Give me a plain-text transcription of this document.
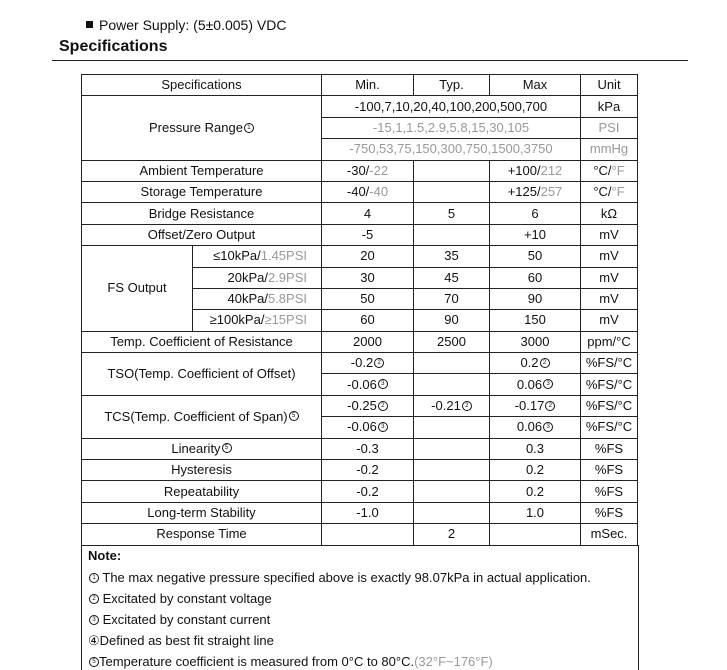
Power Supply: (5±0.005) VDC
Specifications
Specifications		Min.	Typ.	Max	Unit
Pressure Range 1		-100,7,10,20,40,100,200,500,700			kPa
		-15,1,1.5,2.9,5.8,15,30,105			PSI
		-750,53,75,150,300,750,1500,3750			mmHg
Ambient Temperature		-30/-22		+100/212	°C/°F
Storage Temperature		-40/-40		+125/257	°C/°F
Bridge Resistance		4	5	6	kΩ
Offset/Zero Output		-5		+10	mV
FS Output	≤10kPa/1.45PSI	20	35	50	mV
	20kPa/2.9PSI	30	45	60	mV
	40kPa/5.8PSI	50	70	90	mV
	≥100kPa/≥15PSI	60	90	150	mV
Temp. Coefficient of Resistance		2000	2500	3000	ppm/°C
TSO(Temp. Coefficient of Offset)		-0.2 2		0.2 2	%FS/°C
		-0.06 3		0.06 3	%FS/°C
TCS(Temp. Coefficient of Span) 5		-0.25 2	-0.21 2	-0.17 2	%FS/°C
		-0.06 3		0.06 3	%FS/°C
Linearity 5		-0.3		0.3	%FS
Hysteresis		-0.2		0.2	%FS
Repeatability		-0.2		0.2	%FS
Long-term Stability		-1.0		1.0	%FS
Response Time			2		mSec.
Note:
1 The max negative pressure specified above is exactly 98.07kPa in actual application.
2 Excitated by constant voltage
3 Excitated by constant current
④Defined as best fit straight line
5 Temperature coefficient is measured from 0°C to 80°C.(32°F~176°F)
